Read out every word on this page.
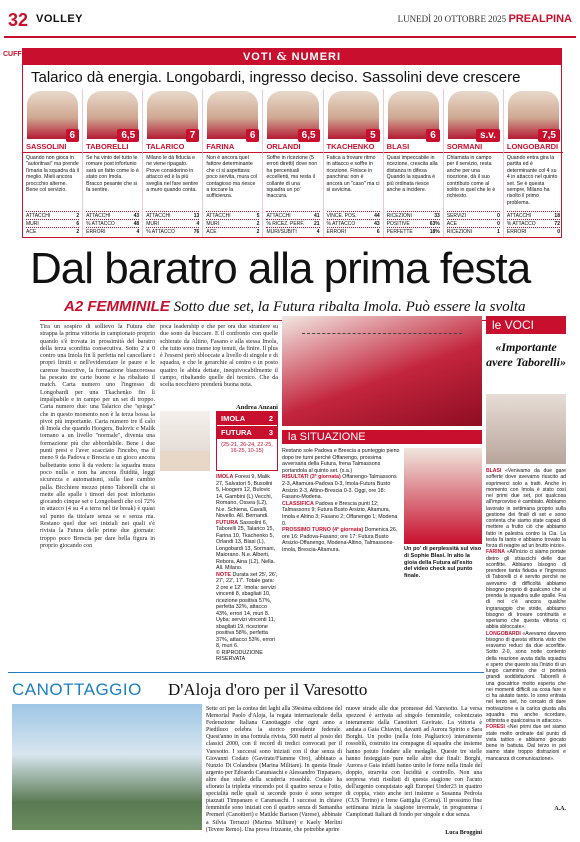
32 VOLLEY	LUNEDÌ 20 OTTOBRE 2025 PREALPINA
CUFF	VOTI & NUMERI
Talarico dà energia. Longobardi, ingresso deciso. Sassolini deve crescere
6
SASSOLINI
Quando non gioca in "autoritrasi" ma prende l'imaria la squadra dà il meglio. Mieli ancora proccchio alterne. Bene col servizio.
ATTACCHI	2
MURI	6
ACE	2
6,5
TABORELLI
Se ha vinto del tutto le romare post infortunio sarà un fatto come lo è stato con Imola. Bracco pesante che si fa sentire.
ATTACCHI	43
% ATTACCO	48
ERRORI	4
7
TALARICO
Milano le dà fiducia e ne viene ripagato. Prove considerino in attacco ed è la più sveglia nel fare sentire a muro quando conta.
ATTACCHI	13
MURI	4
% ATTACCO	76
6
FARINA
Non è ancora quel fattore determinante che ci si aspettava: poco servita, mura col contagioso ma riesce a toccare la sufficienza.
ATTACCHI	5
MURI	2
ACE	2
6,5
ORLANDI
Soffre in ricezione (5 errori diretti) dove non ha percentuali eccellenti, ma resta il collante di una squadra un po' inaccura.
ATTACCHI	41
% RICEZ. PERF. 21
MURI/SUBITI	4
5
TKACHENKO
Fatica a trovare ritmo in attacco e soffre in ricezione. Finisce in panchina: non è ancora un "caso" ma ci si avvicina.
VINCE. POS.	44
% ATTACCO	43
ERRORI	6
6
BLASI
Quasi impeccabile in ricezione, crescita alla distanza in difesa Quando la squadra è più ordinata riesce anche a incidere.
RICEZIONI	33
POSITIVE	63%
PERFETTE	18%
s.v.
SORMANI
Chiamata in campo per il servizio, resta anche per una ricezione, dà il suo contributo come al solito in quel che le è richiesto.
SERVIZI	0
ACE	0
RICEZIONI	1
7,5
LONGOBARDI
Quando entra gira la partita ed è determinante col 4 su 4 in attacco nel quinto set. Se è questa sempre, Milano ha risolto il primo problema.
ATTACCHI	18
% ATTACCO	72
ERRORI	0
Dal baratro alla prima festa
A2 FEMMINILE Sotto due set, la Futura ribalta Imola. Può essere la svolta
Tira un sospiro di sollievo la Futura che strappa la prima vittoria in campionato proprio quando s'è trovata in prossimità del baratro della terza sconfitta consecutiva. Sotto 2 a 0 contro una Imola fin lì perfetta nel cancellare i propri limiti e nell'evidenziare le paure e le carenze buscotive, la formazione biancorossa ha pescato tre carte buone e ha ribaltato il match. Carta numero uno l'ingresso di Longobardi per una Tkachenko fin lì impalpabile e in campo per un set di troppo. Carta numero due: una Talarico che "spiega" che in questo momento non è la terza bossa la pivot più importante. Carta numero tre il calo di Imola che quando Hoogers, Bulovic e Malik tornano a un livello "normale", diventa una formazione più che abbordabile. Bene i due punti presi e l'aver scacciato l'incubo, ma il meno 9 da Padova e Brescia e un gioco ancora balbettante sono lì da vedere: la squadra mura poco nulla e non ha ancora fluidità, leggi sicurezza e automatismi, sulla fase cambio palla. Bicchiere mezzo pieno Taborelli che si mette alle spalle i timori dei post infortunio giocando cinque set e Longobardi che col 72% in attacco (4 su 4 a terra nel tie break) è quasi sul punto da titolare senza se e senza ma. Restano quel due set iniziali nei quali s'è rivista la Futura delle prime due giornate: troppo poco Brescia per dare bella figura in proprio giocando con
poca leadership e che per ora due straniere su due sono da buccare. E il confronto con quelle schierate da Altino, Fasano e alla stessa Imola, che tutto sono tranne top tenuti, da finire. Il plus è l'essersi però sbloccate a livello di singole e di squadra, e che le gerarchie al centro e in posto quattro le abbia dettate, inequivocabilmente il campo, ribaltando quelle del tecnico. Che da scelta nocchiero prenderà buona nota.
Andrea Anzani
IMOLA	2
FUTURA 3
(25-21, 26-24, 22-25, 16-25, 10-15)
IMOLA Foresi 9, Malik 27, Salvatori 5, Busolini 5, Hoogers 12, Bulovic 14, Gambini (L) Vecchi, Romano, Ossea (L2), N.e. Schiena, Cavalli, Novello. All. Bernandi.
FUTURA Sassolini 6, Taborelli 25, Talarico 15, Farina 10, Tkachenko 5, Orlandi 13, Blasi (L), Longobardi 13, Sormani, Maiorano. N.e. Alberti, Rebora, Aina (L2), Nella. All. Milano.
NOTE Durata set 25', 26', 27', 22', 17'. Totale gara: 2 ore e 12'. Imola: servizi vincenti 8, sbagliati 10, ricezione positiva 57%, perfetta 32%, attacco 43%, errori 14, muri 8. Uyba: servizi vincenti 11, sbagliati 19, ricezione positiva 58%, perfetta 37%, attacco 53%, errori 8, muri 6.
© RIPRODUZIONE RISERVATA
la SITUAZIONE
Restano sole Padova e Brescia a punteggio pieno dopo tre turni perché Offanengo, prossima avversaria della Futura, frena Talmassons portandola al quinto set. (s.a.)
RISULTATI (3ª giornata) Offanengo-Talmassons 2-3, Altamura-Padova 0-3, Imola-Futura Busto Arsizio 2-3, Altino-Brescia 0-3. Oggi, ore 18: Fasano-Modena.
CLASSIFICA Padova e Brescia punti 12; Talmassons 9; Futura Busto Arsizio, Altamura, Imola e Altino 3; Fasano 2; Offanengo 1; Modena 0.
PROSSIMO TURNO (4ª giornata) Domenica 26, ore 16: Padova-Fasano; ore 17: Futura Busto Arsizio-Offanengo, Modena-Altino, Talmassons-Imola, Brescia-Altamura.	Un po' di perplessità sul viso di Sophie Blasi. In alto la gioia della Futura all'esito del video check sul punto finale.
le VOCI
«Importante avere Taborelli»
BLASI «Venivamo da due gare sofferte dove avevamo riuscito ad esprimerci solo a tratti. Anche in momento con Imola è stato così nei primi due set, poi qualcosa all'improvviso è cambiato. Abbiamo lavorato in settimana proprio sulla gestione dei finali di set e sono contenta che siamo state capaci di mettere a frutto ciò che abbiamo fatto in palestra contro la Cia. La testa fa tanto e abbiamo trovato la forza di reagire ad un brutto inizio».
FARINA «All'inizio ci siamo portate dietro gli strascichi delle due sconfitte. Abbiamo bisogno di prendere tanta fiducia e l'ingresso di Taborelli ci è servito perché ne avevamo di difficoltà abbiamo bisogno proprio di qualcuno che si prenda la squadra sulle spalle. Fra di noi c'è ancora qualche ingranaggio che stride, abbiamo bisogno di trovare continuità e speriamo che questa vittoria ci abbia sbloccate».
LONGOBARDI «Avevamo davvero bisogno di questa vittoria visto che eravamo reduci da due sconfitte. Sotto 2-0, sono notte contento della reazione avuta dalla squadra e spero che questo sia l'inizio di un lungo cammino che ci porterà grandi soddisfazioni. Taborelli è una giocatrice molto esperta che nei momenti difficili sa cosa fare e ci ha aiutato tanto. Io sono entrata nel terzo set, ho cercato di dare motivazione e la carica giusta alla squadra ma anche ricordare, ottimista e qualcosina in attacco».
FORESI «Nei primi due set siamo state molto ordinate dal punto di vista tattico e abbiamo giocato bene in battuta. Dal terzo in poi siamo state troppo distrazioni e mancanza di comunicazione».
A.A.
CANOTTAGGIO D'Aloja d'oro per il Varesotto
Sette ori per la contea dei laghi alla 39esima edizione del Memorial Paolo d'Aloja, la regata internazionale della Federazione Italiana Canottaggio che ogni anno a Piediluco celebra la storico presidente federale. Quest'anno in una formula rivista, 500 metri al posto dei classici 2000, con il record di tredici convocati per il Varesotto. I successi sono iniziati con il due senza di Giovanni Codato (Gavirate/Fiamme Oro), abbinato a Nunzio Di Colandrea (Marina Militare). In questa finale argento per Edoardo Caramaschi e Alessandro Tinpanaro, altre due stelle della scuderia rossoblù. Codato ha sfiorato la tripletta vincendo poi il quattro senza e l'otto, specialità nelle quali si seconde posto è sono sempre piazzati Timpanaro e Caramaschi. I successi in chiave femminile sono iniziati con il quattro senza di Samantha Premerl (Canottieri) e Matilde Barison (Varese), abbinate a Silvia Terrazzi (Marina Militare) e Kaely Merlini (Tevere Remo). Una prova frizzante, che potrebbe aprire
nuove strade alle due promesse del Varesotto. La versa spezzesi è arrivata ad singolo femminile, colonizzato interamente dalla Canottieri Gavirate. La vittoria è andata a Gaia Chiavini, davanti ad Aurora Spirito e Sara Borghi. Un podio (nella foto Pagliarico) interamente rossoblù, costruito tra compagne di squadra che insieme hanno potuto fondare alle medaglie. Queste tre stelle hanno festeggiato pure nelle altre due finali: Borghi, Aurora e Gaia infatti hanno unito le forze nella finale del doppio, strarvita con lucidità e controllo. Non una sorpresa visti risultati di questa stagione con l'acuto dell'argento conquistato agli Europei Under23 in quattro di coppia, visto anche ieri insieme a Susanna Pedroia (CUS Torino) e Irene Gattiglia (Cerea). Il prossimo fine settimana inizia la stagione invernale, in programma i Campionati Italiani di fondo per singole e due senza.
Luca Broggini
